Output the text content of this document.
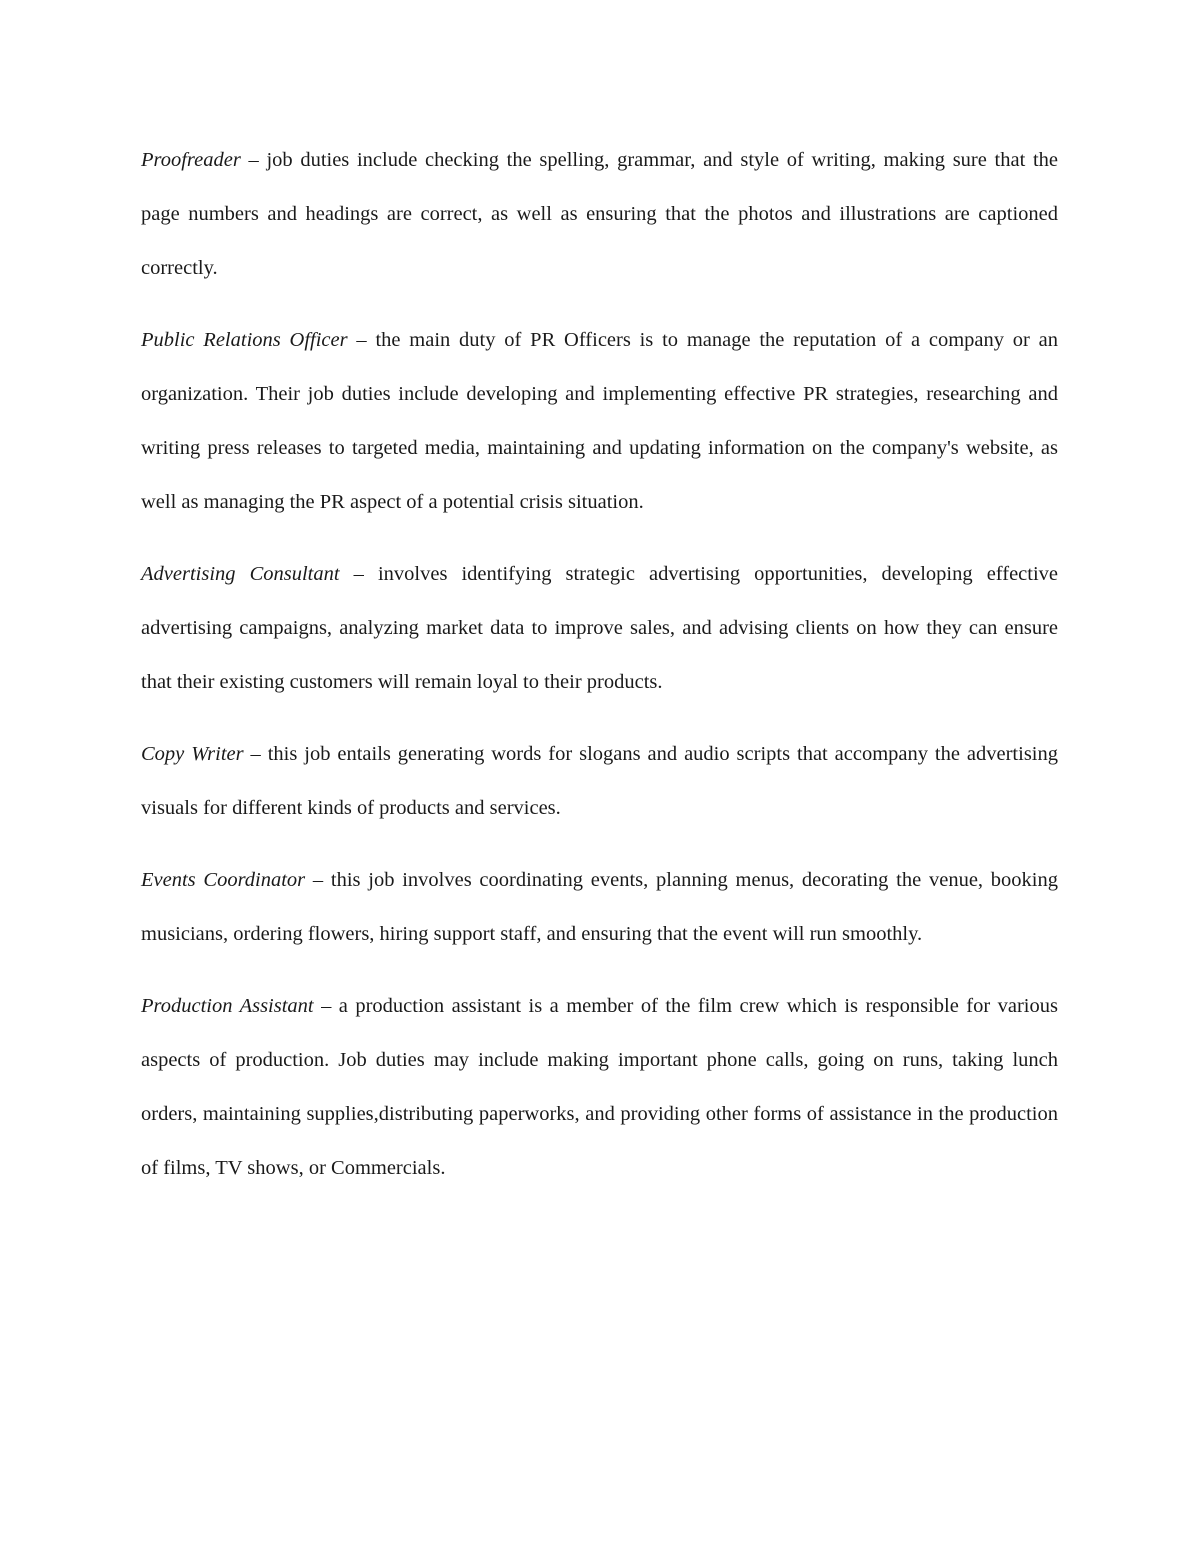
Proofreader – job duties include checking the spelling, grammar, and style of writing, making sure that the page numbers and headings are correct, as well as ensuring that the photos and illustrations are captioned correctly.

Public Relations Officer – the main duty of PR Officers is to manage the reputation of a company or an organization. Their job duties include developing and implementing effective PR strategies, researching and writing press releases to targeted media, maintaining and updating information on the company's website, as well as managing the PR aspect of a potential crisis situation.

Advertising Consultant – involves identifying strategic advertising opportunities, developing effective advertising campaigns, analyzing market data to improve sales, and advising clients on how they can ensure that their existing customers will remain loyal to their products.

Copy Writer – this job entails generating words for slogans and audio scripts that accompany the advertising visuals for different kinds of products and services.

Events Coordinator – this job involves coordinating events, planning menus, decorating the venue, booking musicians, ordering flowers, hiring support staff, and ensuring that the event will run smoothly.

Production Assistant – a production assistant is a member of the film crew which is responsible for various aspects of production. Job duties may include making important phone calls, going on runs, taking lunch orders, maintaining supplies,distributing paperworks, and providing other forms of assistance in the production of films, TV shows, or Commercials.
